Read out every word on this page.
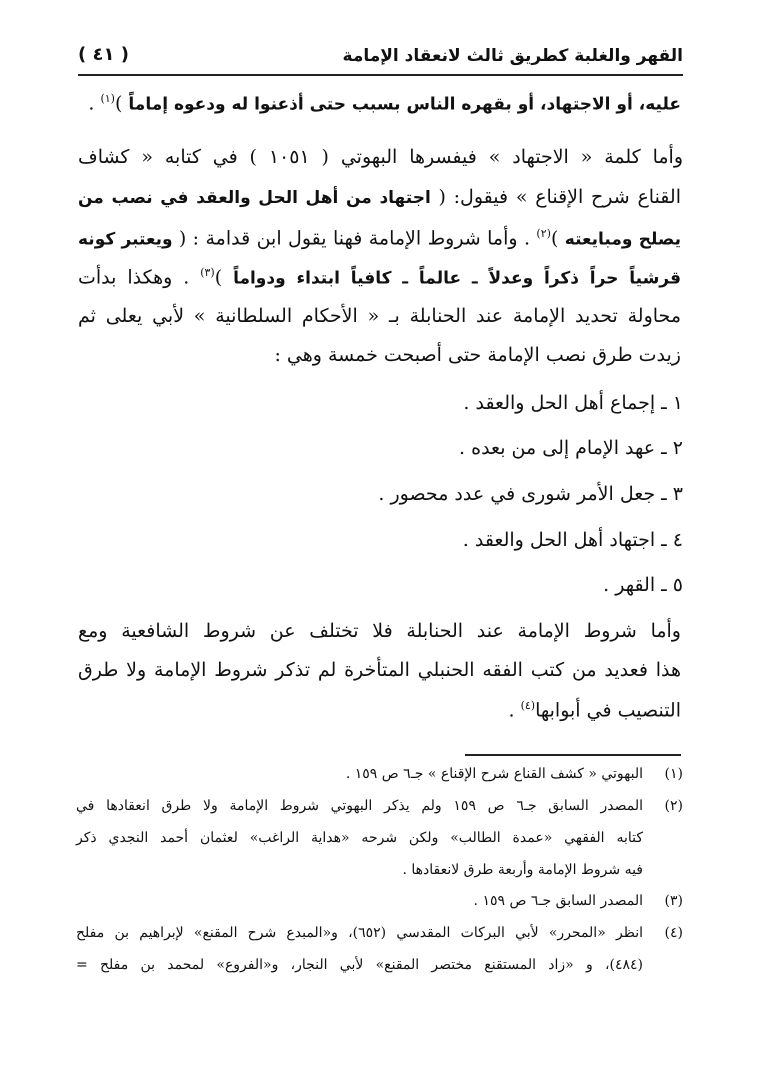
القهر والغلبة كطريق ثالث لانعقاد الإمامة
( ٤١ )
عليه، أو الاجتهاد، أو بقهره الناس بسبب حتى أذعنوا له ودعوه إماماً )$^{(١)}$ .
وأما كلمة « الاجتهاد » فيفسرها البهوتي ( ١٠٥١ ) في كتابه « كشاف
القناع شرح الإقناع » فيقول: ( اجتهاد من أهل الحل والعقد في نصب من
يصلح ومبايعته )$^{(٢)}$ . وأما شروط الإمامة فهنا يقول ابن قدامة : ( ويعتبر كونه
قرشياً حراً ذكراً وعدلاً ـ عالماً ـ كافياً ابتداء ودواماً )$^{(٣)}$ . وهكذا بدأت
محاولة تحديد الإمامة عند الحنابلة بـ « الأحكام السلطانية » لأبي يعلى ثم
زيدت طرق نصب الإمامة حتى أصبحت خمسة وهي :
١ ـ إجماع أهل الحل والعقد .
٢ ـ عهد الإمام إلى من بعده .
٣ ـ جعل الأمر شورى في عدد محصور .
٤ ـ اجتهاد أهل الحل والعقد .
٥ ـ القهر .
وأما شروط الإمامة عند الحنابلة فلا تختلف عن شروط الشافعية ومع
هذا فعديد من كتب الفقه الحنبلي المتأخرة لم تذكر شروط الإمامة ولا طرق
التنصيب في أبوابها$^{(٤)}$ .
(١)
البهوتي « كشف القناع شرح الإقناع » جـ٦ ص ١٥٩ .
(٢)
المصدر السابق جـ٦ ص ١٥٩ ولم يذكر البهوتي شروط الإمامة ولا طرق انعقادها في
كتابه الفقهي «عمدة الطالب» ولكن شرحه «هداية الراغب» لعثمان أحمد النجدي ذكر
فيه شروط الإمامة وأربعة طرق لانعقادها .
(٣)
المصدر السابق جـ٦ ص ١٥٩ .
(٤)
انظر «المحرر» لأبي البركات المقدسي (٦٥٢)، و«المبدع شرح المقنع» لإبراهيم بن مفلح
(٤٨٤)، و «زاد المستقنع مختصر المقنع» لأبي النجار، و«الفروع» لمحمد بن مفلح =
